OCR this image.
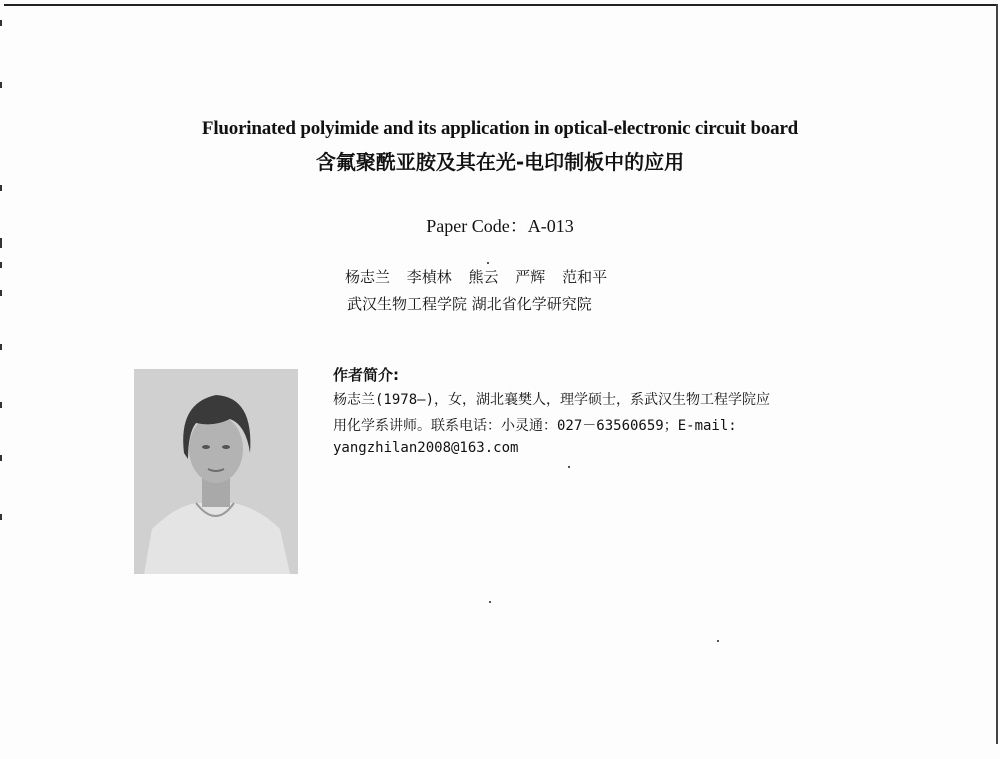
Fluorinated polyimide and its application in optical-electronic circuit board
含氟聚酰亚胺及其在光-电印制板中的应用
Paper Code：A-013
杨志兰 李楨林 熊云 严辉 范和平
武汉生物工程学院 湖北省化学研究院
作者简介:
杨志兰(1978—)，女，湖北襄樊人，理学硕士，系武汉生物工程学院应
用化学系讲师。联系电话：小灵通：027－63560659；E-mail:
yangzhilan2008@163.com
